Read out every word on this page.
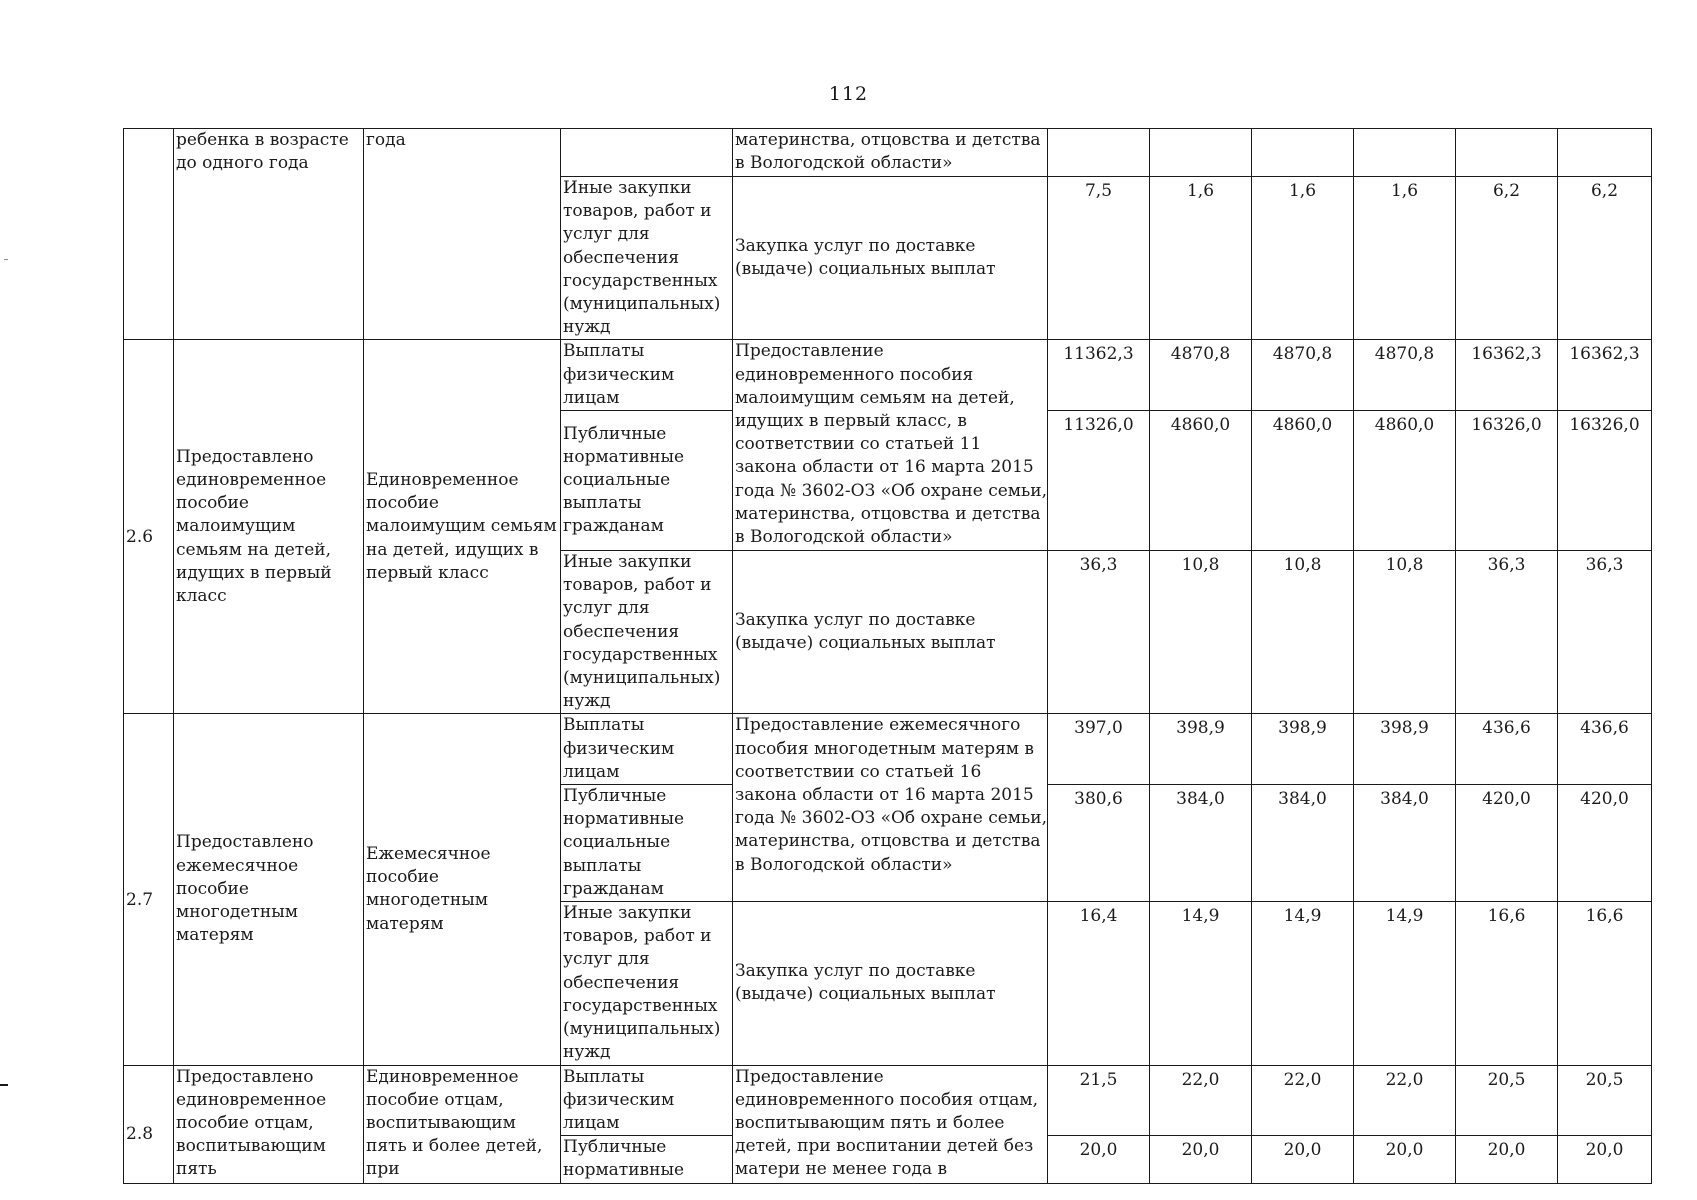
112
	ребенка в возрасте до одного года	года		материнства, отцовства и детства в Вологодской области»						
			Иные закупки товаров, работ и услуг для обеспечения государственных (муниципальных) нужд	Закупка услуг по доставке (выдаче) социальных выплат	7,5	1,6	1,6	1,6	6,2	6,2
2.6	Предоставлено единовременное пособие малоимущим семьям на детей, идущих в первый класс	Единовременное пособие малоимущим семьям на детей, идущих в первый класс	Выплаты физическим лицам	Предоставление единовременного пособия малоимущим семьям на детей, идущих в первый класс, в соответствии со статьей 11 закона области от 16 марта 2015 года № 3602-ОЗ «Об охране семьи, материнства, отцовства и детства в Вологодской области»	11362,3	4870,8	4870,8	4870,8	16362,3	16362,3
			Публичные нормативные социальные выплаты гражданам		11326,0	4860,0	4860,0	4860,0	16326,0	16326,0
			Иные закупки товаров, работ и услуг для обеспечения государственных (муниципальных) нужд	Закупка услуг по доставке (выдаче) социальных выплат	36,3	10,8	10,8	10,8	36,3	36,3
2.7	Предоставлено ежемесячное пособие многодетным матерям	Ежемесячное пособие многодетным матерям	Выплаты физическим лицам	Предоставление ежемесячного пособия многодетным матерям в соответствии со статьей 16 закона области от 16 марта 2015 года № 3602-ОЗ «Об охране семьи, материнства, отцовства и детства в Вологодской области»	397,0	398,9	398,9	398,9	436,6	436,6
			Публичные нормативные социальные выплаты гражданам		380,6	384,0	384,0	384,0	420,0	420,0
			Иные закупки товаров, работ и услуг для обеспечения государственных (муниципальных) нужд	Закупка услуг по доставке (выдаче) социальных выплат	16,4	14,9	14,9	14,9	16,6	16,6
2.8	Предоставлено единовременное пособие отцам, воспитывающим пять	Единовременное пособие отцам, воспитывающим пять и более детей, при	Выплаты физическим лицам	Предоставление единовременного пособия отцам, воспитывающим пять и более детей, при воспитании детей без матери не менее года в	21,5	22,0	22,0	22,0	20,5	20,5
			Публичные нормативные		20,0	20,0	20,0	20,0	20,0	20,0
